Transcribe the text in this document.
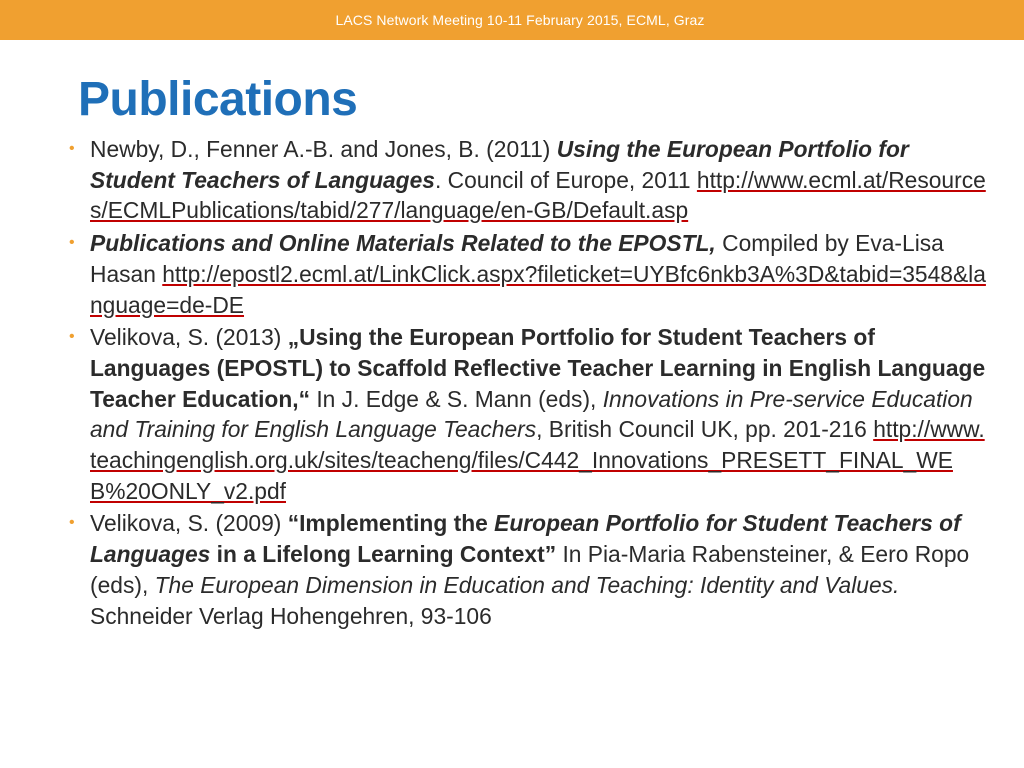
LACS Network Meeting 10-11 February 2015, ECML, Graz
Publications
• Newby, D., Fenner A.-B. and Jones, B. (2011) Using the European Portfolio for Student Teachers of Languages. Council of Europe, 2011 http://www.ecml.at/Resources/ECMLPublications/tabid/277/language/en-GB/Default.asp
• Publications and Online Materials Related to the EPOSTL, Compiled by Eva-Lisa Hasan http://epostl2.ecml.at/LinkClick.aspx?fileticket=UYBfc6nkb3A%3D&tabid=3548&language=de-DE
• Velikova, S. (2013) „Using the European Portfolio for Student Teachers of Languages (EPOSTL) to Scaffold Reflective Teacher Learning in English Language Teacher Education,“ In J. Edge & S. Mann (eds), Innovations in Pre-service Education and Training for English Language Teachers, British Council UK, pp. 201-216 http://www.teachingenglish.org.uk/sites/teacheng/files/C442_Innovations_PRESETT_FINAL_WEB%20ONLY_v2.pdf
• Velikova, S. (2009) “Implementing the European Portfolio for Student Teachers of Languages in a Lifelong Learning Context” In Pia-Maria Rabensteiner, & Eero Ropo (eds), The European Dimension in Education and Teaching: Identity and Values. Schneider Verlag Hohengehren, 93-106
